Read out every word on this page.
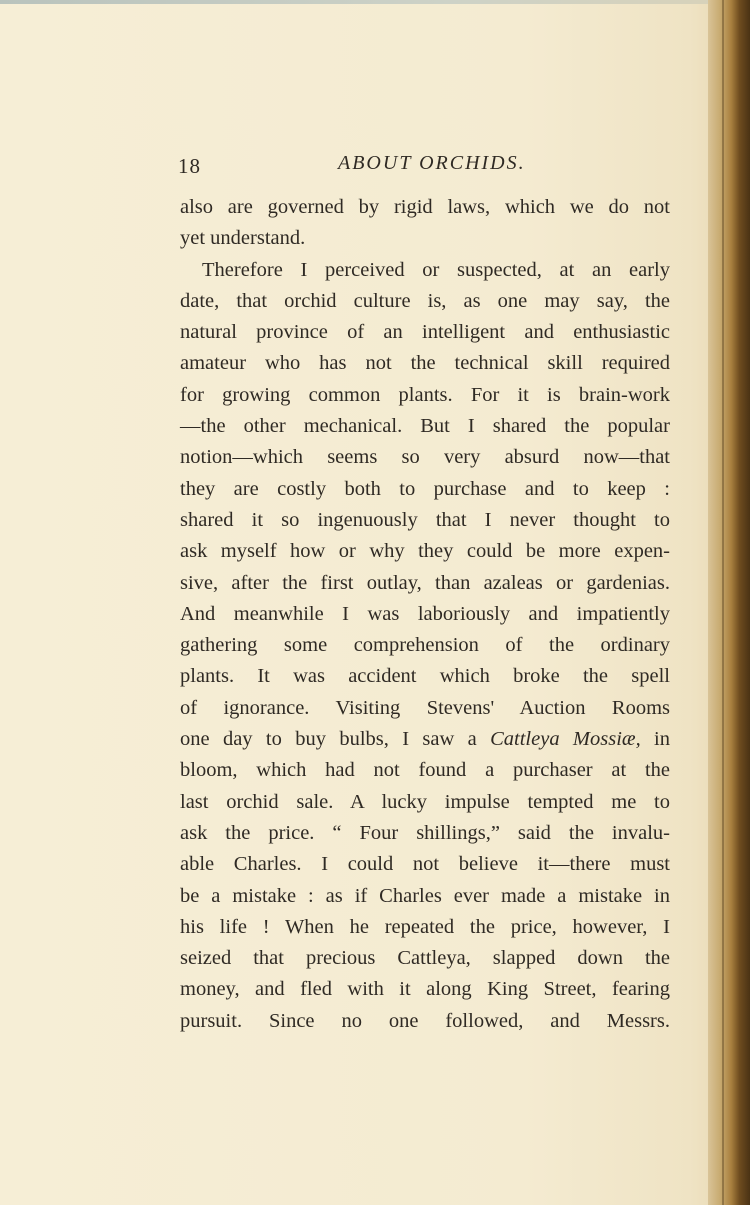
18	ABOUT ORCHIDS.
also are governed by rigid laws, which we do not
yet understand.
Therefore I perceived or suspected, at an early
date, that orchid culture is, as one may say, the
natural province of an intelligent and enthusiastic
amateur who has not the technical skill required
for growing common plants. For it is brain-work
—the other mechanical. But I shared the popular
notion—which seems so very absurd now—that
they are costly both to purchase and to keep :
shared it so ingenuously that I never thought to
ask myself how or why they could be more expen-
sive, after the first outlay, than azaleas or gardenias.
And meanwhile I was laboriously and impatiently
gathering some comprehension of the ordinary
plants. It was accident which broke the spell
of ignorance. Visiting Stevens' Auction Rooms
one day to buy bulbs, I saw a Cattleya Mossiæ, in
bloom, which had not found a purchaser at the
last orchid sale. A lucky impulse tempted me to
ask the price. “ Four shillings,” said the invalu-
able Charles. I could not believe it—there must
be a mistake : as if Charles ever made a mistake in
his life ! When he repeated the price, however, I
seized that precious Cattleya, slapped down the
money, and fled with it along King Street, fearing
pursuit. Since no one followed, and Messrs.
